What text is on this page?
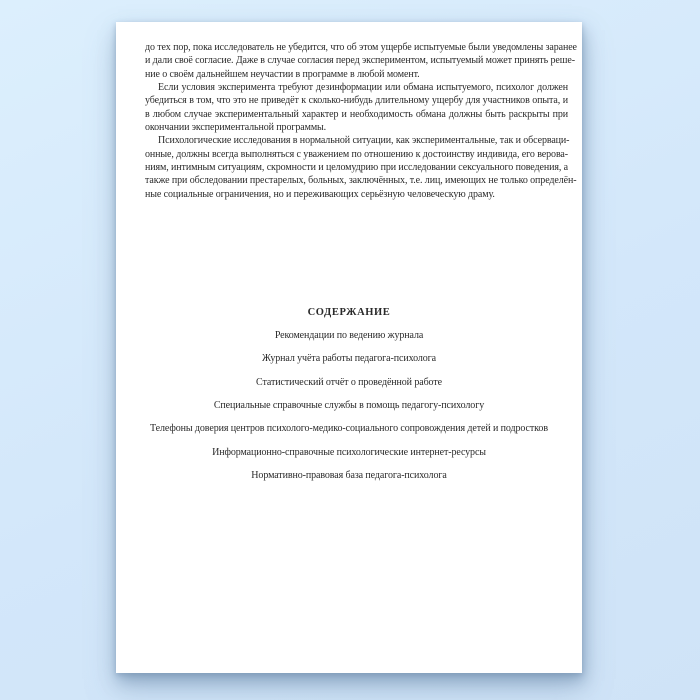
до тех пор, пока исследователь не убедится, что об этом ущербе испытуемые были уведомлены заранее
и дали своё согласие. Даже в случае согласия перед экспериментом, испытуемый может принять реше-
ние о своём дальнейшем неучастии в программе в любой момент.
Если условия эксперимента требуют дезинформации или обмана испытуемого, психолог должен
убедиться в том, что это не приведёт к сколько-нибудь длительному ущербу для участников опыта, и
в любом случае экспериментальный характер и необходимость обмана должны быть раскрыты при
окончании экспериментальной программы.
Психологические исследования в нормальной ситуации, как экспериментальные, так и обсерваци-
онные, должны всегда выполняться с уважением по отношению к достоинству индивида, его верова-
ниям, интимным ситуациям, скромности и целомудрию при исследовании сексуального поведения, а
также при обследовании престарелых, больных, заключённых, т.е. лиц, имеющих не только определён-
ные социальные ограничения, но и переживающих серьёзную человеческую драму.
СОДЕРЖАНИЕ
Рекомендации по ведению журнала
Журнал учёта работы педагога-психолога
Статистический отчёт о проведённой работе
Специальные справочные службы в помощь педагогу-психологу
Телефоны доверия центров психолого-медико-социального сопровождения детей и подростков
Информационно-справочные психологические интернет-ресурсы
Нормативно-правовая база педагога-психолога
